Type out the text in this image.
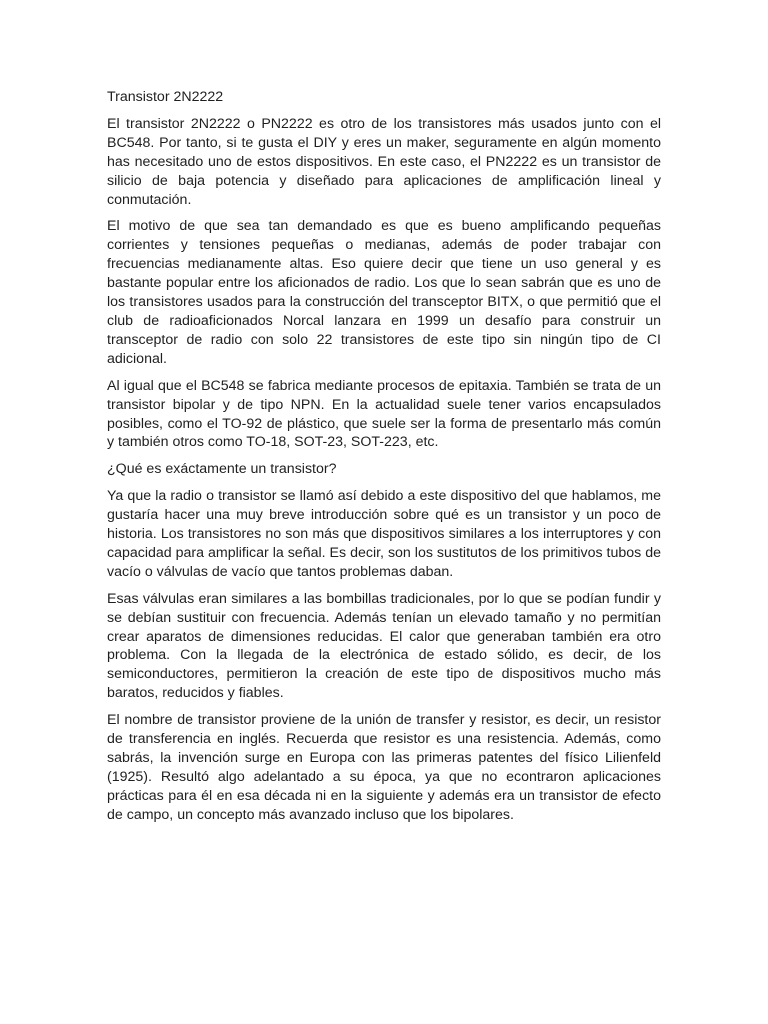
Transistor 2N2222

El transistor 2N2222 o PN2222 es otro de los transistores más usados junto con el BC548. Por tanto, si te gusta el DIY y eres un maker, seguramente en algún momento has necesitado uno de estos dispositivos. En este caso, el PN2222 es un transistor de silicio de baja potencia y diseñado para aplicaciones de amplificación lineal y conmutación.

El motivo de que sea tan demandado es que es bueno amplificando pequeñas corrientes y tensiones pequeñas o medianas, además de poder trabajar con frecuencias medianamente altas. Eso quiere decir que tiene un uso general y es bastante popular entre los aficionados de radio. Los que lo sean sabrán que es uno de los transistores usados para la construcción del transceptor BITX, o que permitió que el club de radioaficionados Norcal lanzara en 1999 un desafío para construir un transceptor de radio con solo 22 transistores de este tipo sin ningún tipo de CI adicional.

Al igual que el BC548 se fabrica mediante procesos de epitaxia. También se trata de un transistor bipolar y de tipo NPN. En la actualidad suele tener varios encapsulados posibles, como el TO-92 de plástico, que suele ser la forma de presentarlo más común y también otros como TO-18, SOT-23, SOT-223, etc.

¿Qué es exáctamente un transistor?

Ya que la radio o transistor se llamó así debido a este dispositivo del que hablamos, me gustaría hacer una muy breve introducción sobre qué es un transistor y un poco de historia. Los transistores no son más que dispositivos similares a los interruptores y con capacidad para amplificar la señal. Es decir, son los sustitutos de los primitivos tubos de vacío o válvulas de vacío que tantos problemas daban.

Esas válvulas eran similares a las bombillas tradicionales, por lo que se podían fundir y se debían sustituir con frecuencia. Además tenían un elevado tamaño y no permitían crear aparatos de dimensiones reducidas. El calor que generaban también era otro problema. Con la llegada de la electrónica de estado sólido, es decir, de los semiconductores, permitieron la creación de este tipo de dispositivos mucho más baratos, reducidos y fiables.

El nombre de transistor proviene de la unión de transfer y resistor, es decir, un resistor de transferencia en inglés. Recuerda que resistor es una resistencia. Además, como sabrás, la invención surge en Europa con las primeras patentes del físico Lilienfeld (1925). Resultó algo adelantado a su época, ya que no econtraron aplicaciones prácticas para él en esa década ni en la siguiente y además era un transistor de efecto de campo, un concepto más avanzado incluso que los bipolares.
